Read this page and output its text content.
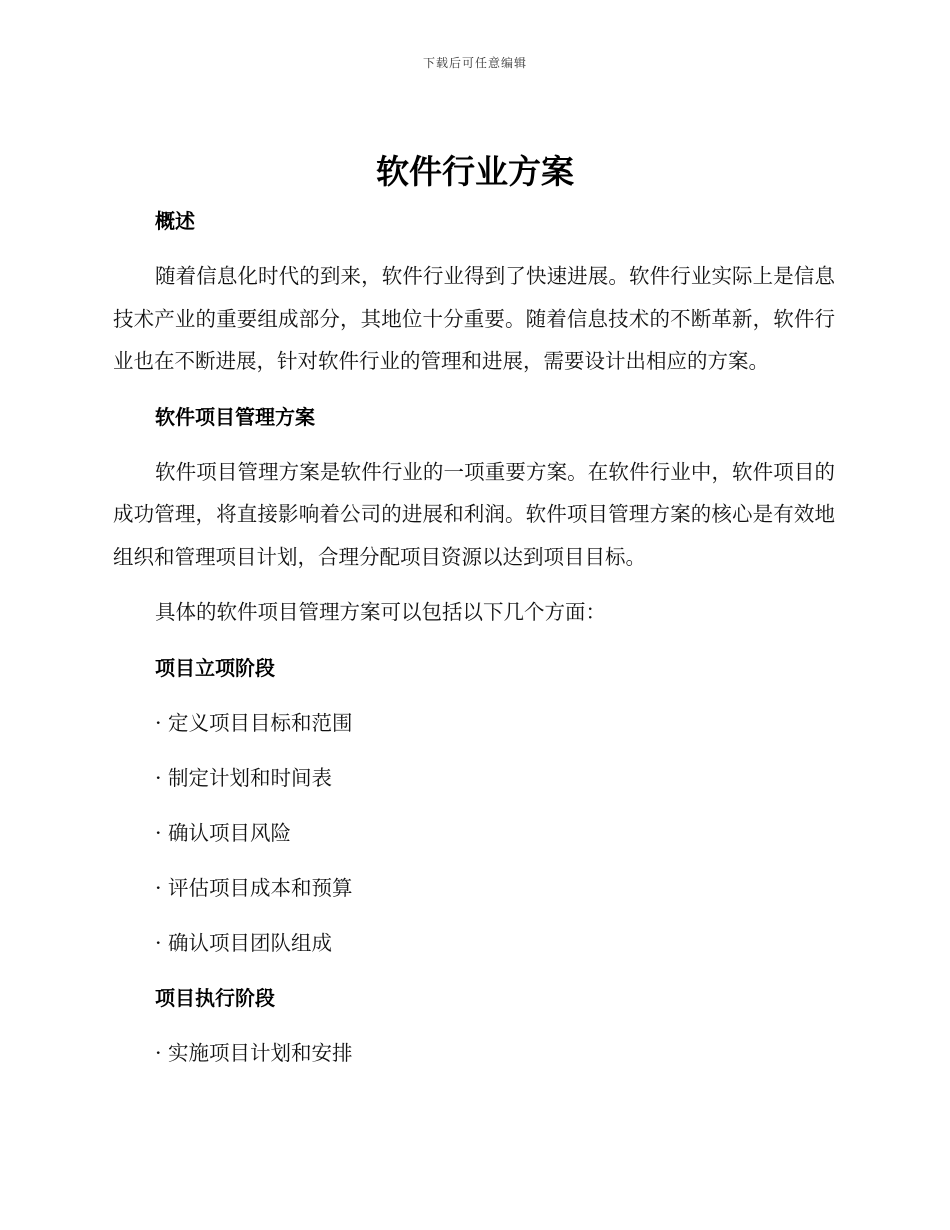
下载后可任意编辑
软件行业方案
概述

随着信息化时代的到来，软件行业得到了快速进展。软件行业实际上是信息技术产业的重要组成部分，其地位十分重要。随着信息技术的不断革新，软件行业也在不断进展，针对软件行业的管理和进展，需要设计出相应的方案。

软件项目管理方案

软件项目管理方案是软件行业的一项重要方案。在软件行业中，软件项目的成功管理，将直接影响着公司的进展和利润。软件项目管理方案的核心是有效地组织和管理项目计划，合理分配项目资源以达到项目目标。

具体的软件项目管理方案可以包括以下几个方面：

项目立项阶段

· 定义项目目标和范围

· 制定计划和时间表

· 确认项目风险

· 评估项目成本和预算

· 确认项目团队组成

项目执行阶段

· 实施项目计划和安排
